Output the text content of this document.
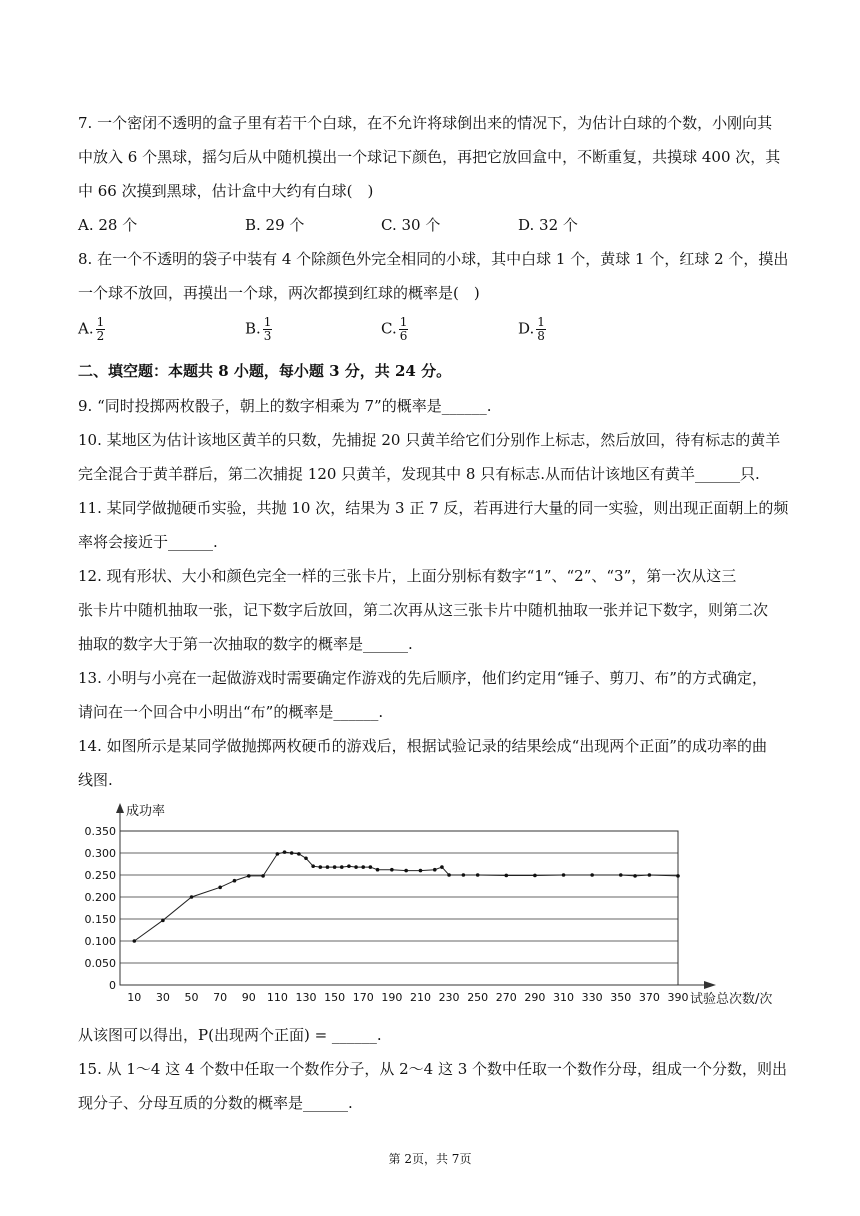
7. 一个密闭不透明的盒子里有若干个白球，在不允许将球倒出来的情况下，为估计白球的个数，小刚向其
中放入 6 个黑球，摇匀后从中随机摸出一个球记下颜色，再把它放回盒中，不断重复，共摸球 400 次，其
中 66 次摸到黑球，估计盒中大约有白球(　)
A. 28 个	B. 29 个	C. 30 个	D. 32 个
8. 在一个不透明的袋子中装有 4 个除颜色外完全相同的小球，其中白球 1 个，黄球 1 个，红球 2 个，摸出
一个球不放回，再摸出一个球，两次都摸到红球的概率是(　)
A. $\frac{1}{2}$	B. $\frac{1}{3}$	C. $\frac{1}{6}$	D. $\frac{1}{8}$
二、填空题：本题共 8 小题，每小题 3 分，共 24 分。
9. “同时投掷两枚骰子，朝上的数字相乘为 7”的概率是______.
10. 某地区为估计该地区黄羊的只数，先捕捉 20 只黄羊给它们分别作上标志，然后放回，待有标志的黄羊
完全混合于黄羊群后，第二次捕捉 120 只黄羊，发现其中 8 只有标志.从而估计该地区有黄羊______只.
11. 某同学做抛硬币实验，共抛 10 次，结果为 3 正 7 反，若再进行大量的同一实验，则出现正面朝上的频
率将会接近于______.
12. 现有形状、大小和颜色完全一样的三张卡片，上面分别标有数字“1”、“2”、“3”，第一次从这三
张卡片中随机抽取一张，记下数字后放回，第二次再从这三张卡片中随机抽取一张并记下数字，则第二次
抽取的数字大于第一次抽取的数字的概率是______.
13. 小明与小亮在一起做游戏时需要确定作游戏的先后顺序，他们约定用“锤子、剪刀、布”的方式确定，
请问在一个回合中小明出“布”的概率是______.
14. 如图所示是某同学做抛掷两枚硬币的游戏后，根据试验记录的结果绘成“出现两个正面”的成功率的曲
线图.
0
0.050
0.100
0.150
0.200
0.250
0.300
0.350
10 30 50 70 90 110 130 150 170 190 210 230 250 270 290 310 330 350 370 390
成功率
试验总次数/次
从该图可以得出，P(出现两个正面) = ______.
15. 从 1～4 这 4 个数中任取一个数作分子，从 2～4 这 3 个数中任取一个数作分母，组成一个分数，则出
现分子、分母互质的分数的概率是______.
第 2页，共 7页
